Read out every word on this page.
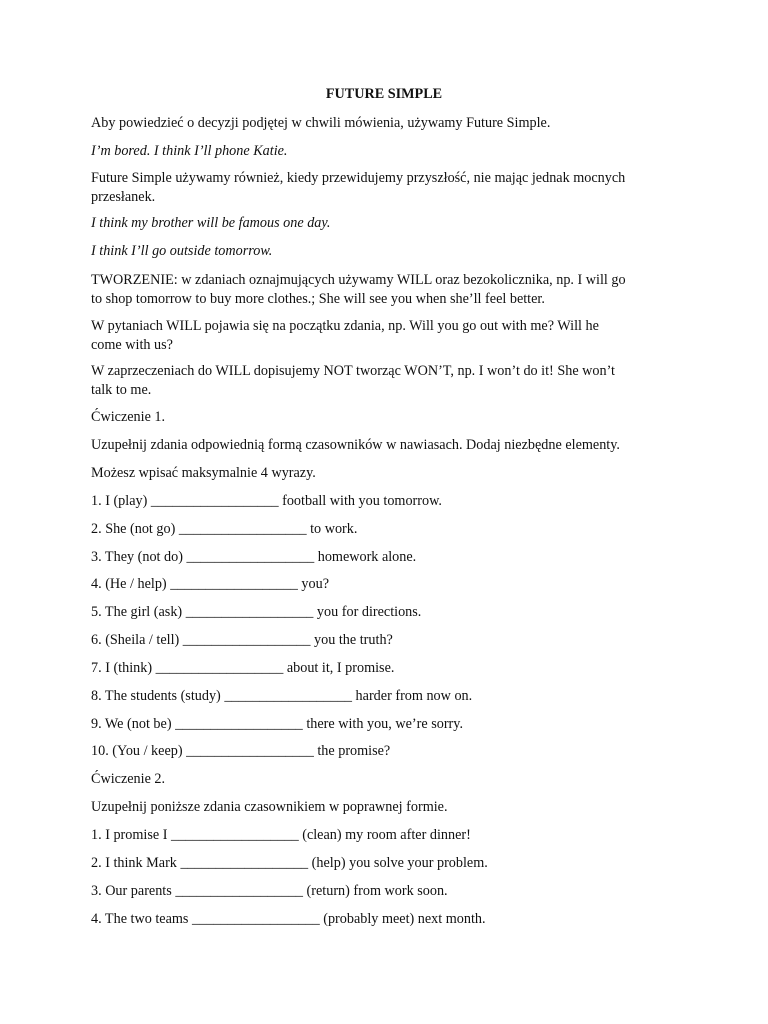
FUTURE SIMPLE

Aby powiedzieć o decyzji podjętej w chwili mówienia, używamy Future Simple.

I’m bored. I think I’ll phone Katie.

Future Simple używamy również, kiedy przewidujemy przyszłość, nie mając jednak mocnych
przesłanek.

I think my brother will be famous one day.

I think I’ll go outside tomorrow.

TWORZENIE: w zdaniach oznajmujących używamy WILL oraz bezokolicznika, np. I will go
to shop tomorrow to buy more clothes.; She will see you when she’ll feel better.

W pytaniach WILL pojawia się na początku zdania, np. Will you go out with me? Will he
come with us?

W zaprzeczeniach do WILL dopisujemy NOT tworząc WON’T, np. I won’t do it! She won’t
talk to me.

Ćwiczenie 1.

Uzupełnij zdania odpowiednią formą czasowników w nawiasach. Dodaj niezbędne elementy.

Możesz wpisać maksymalnie 4 wyrazy.

1. I (play) __________________ football with you tomorrow.

2. She (not go) __________________ to work.

3. They (not do) __________________ homework alone.

4. (He / help) __________________ you?

5. The girl (ask) __________________ you for directions.

6. (Sheila / tell) __________________ you the truth?

7. I (think) __________________ about it, I promise.

8. The students (study) __________________ harder from now on.

9. We (not be) __________________ there with you, we’re sorry.

10. (You / keep) __________________ the promise?

Ćwiczenie 2.

Uzupełnij poniższe zdania czasownikiem w poprawnej formie.

1. I promise I __________________ (clean) my room after dinner!

2. I think Mark __________________ (help) you solve your problem.

3. Our parents __________________ (return) from work soon.

4. The two teams __________________ (probably meet) next month.
